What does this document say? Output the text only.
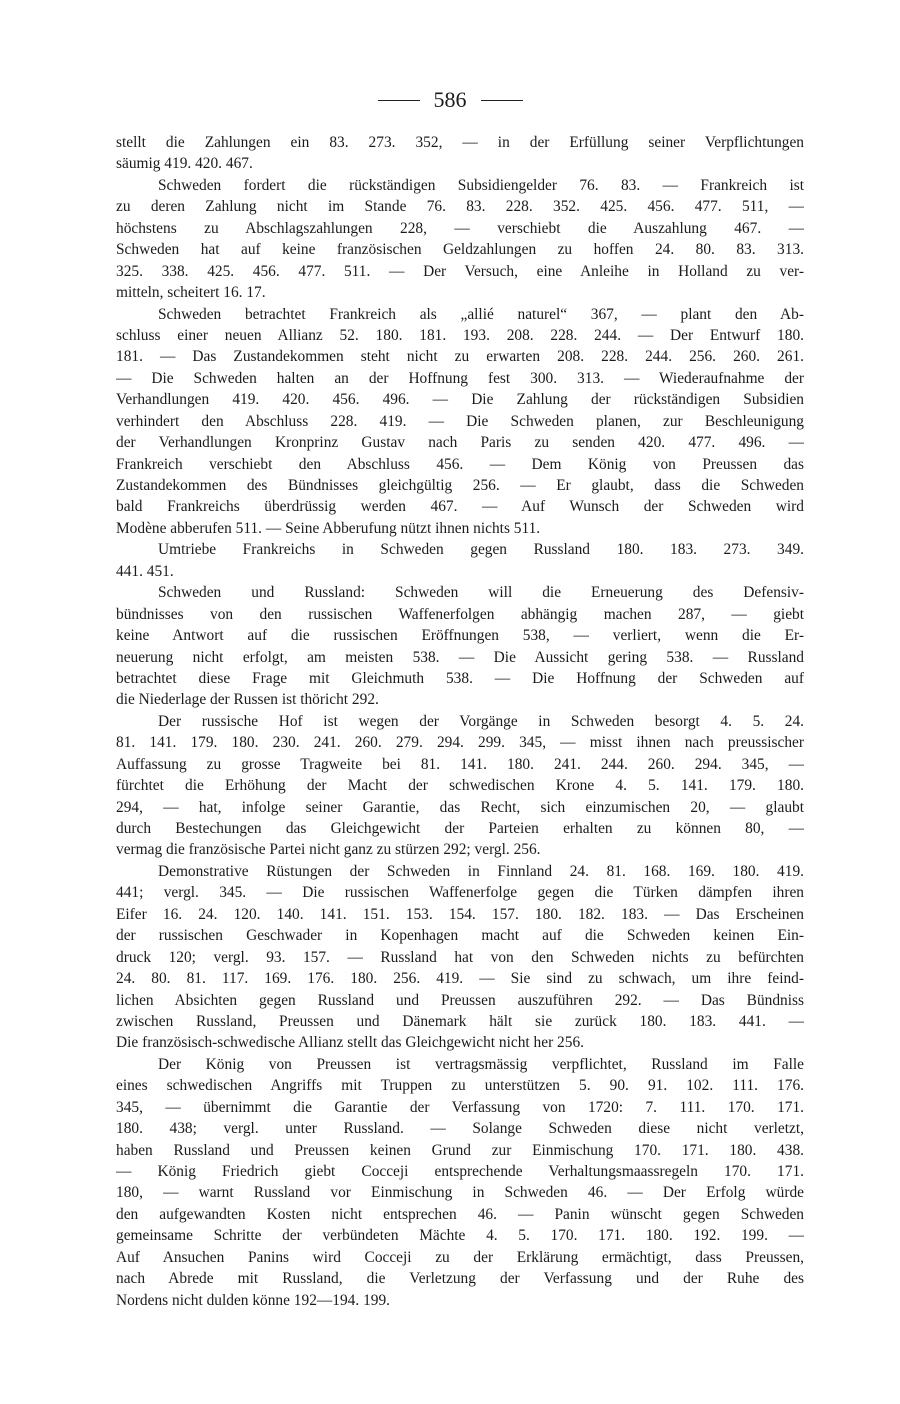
586
stellt die Zahlungen ein 83. 273. 352, — in der Erfüllung seiner Verpflichtungen
säumig 419. 420. 467.
Schweden fordert die rückständigen Subsidiengelder 76. 83. — Frankreich ist
zu deren Zahlung nicht im Stande 76. 83. 228. 352. 425. 456. 477. 511, —
höchstens zu Abschlagszahlungen 228, — verschiebt die Auszahlung 467. —
Schweden hat auf keine französischen Geldzahlungen zu hoffen 24. 80. 83. 313.
325. 338. 425. 456. 477. 511. — Der Versuch, eine Anleihe in Holland zu ver-
mitteln, scheitert 16. 17.
Schweden betrachtet Frankreich als „allié naturel“ 367, — plant den Ab-
schluss einer neuen Allianz 52. 180. 181. 193. 208. 228. 244. — Der Entwurf 180.
181. — Das Zustandekommen steht nicht zu erwarten 208. 228. 244. 256. 260. 261.
— Die Schweden halten an der Hoffnung fest 300. 313. — Wiederaufnahme der
Verhandlungen 419. 420. 456. 496. — Die Zahlung der rückständigen Subsidien
verhindert den Abschluss 228. 419. — Die Schweden planen, zur Beschleunigung
der Verhandlungen Kronprinz Gustav nach Paris zu senden 420. 477. 496. —
Frankreich verschiebt den Abschluss 456. — Dem König von Preussen das
Zustandekommen des Bündnisses gleichgültig 256. — Er glaubt, dass die Schweden
bald Frankreichs überdrüssig werden 467. — Auf Wunsch der Schweden wird
Modène abberufen 511. — Seine Abberufung nützt ihnen nichts 511.
Umtriebe Frankreichs in Schweden gegen Russland 180. 183. 273. 349.
441. 451.
Schweden und Russland: Schweden will die Erneuerung des Defensiv-
bündnisses von den russischen Waffenerfolgen abhängig machen 287, — giebt
keine Antwort auf die russischen Eröffnungen 538, — verliert, wenn die Er-
neuerung nicht erfolgt, am meisten 538. — Die Aussicht gering 538. — Russland
betrachtet diese Frage mit Gleichmuth 538. — Die Hoffnung der Schweden auf
die Niederlage der Russen ist thöricht 292.
Der russische Hof ist wegen der Vorgänge in Schweden besorgt 4. 5. 24.
81. 141. 179. 180. 230. 241. 260. 279. 294. 299. 345, — misst ihnen nach preussischer
Auffassung zu grosse Tragweite bei 81. 141. 180. 241. 244. 260. 294. 345, —
fürchtet die Erhöhung der Macht der schwedischen Krone 4. 5. 141. 179. 180.
294, — hat, infolge seiner Garantie, das Recht, sich einzumischen 20, — glaubt
durch Bestechungen das Gleichgewicht der Parteien erhalten zu können 80, —
vermag die französische Partei nicht ganz zu stürzen 292; vergl. 256.
Demonstrative Rüstungen der Schweden in Finnland 24. 81. 168. 169. 180. 419.
441; vergl. 345. — Die russischen Waffenerfolge gegen die Türken dämpfen ihren
Eifer 16. 24. 120. 140. 141. 151. 153. 154. 157. 180. 182. 183. — Das Erscheinen
der russischen Geschwader in Kopenhagen macht auf die Schweden keinen Ein-
druck 120; vergl. 93. 157. — Russland hat von den Schweden nichts zu befürchten
24. 80. 81. 117. 169. 176. 180. 256. 419. — Sie sind zu schwach, um ihre feind-
lichen Absichten gegen Russland und Preussen auszuführen 292. — Das Bündniss
zwischen Russland, Preussen und Dänemark hält sie zurück 180. 183. 441. —
Die französisch-schwedische Allianz stellt das Gleichgewicht nicht her 256.
Der König von Preussen ist vertragsmässig verpflichtet, Russland im Falle
eines schwedischen Angriffs mit Truppen zu unterstützen 5. 90. 91. 102. 111. 176.
345, — übernimmt die Garantie der Verfassung von 1720: 7. 111. 170. 171.
180. 438; vergl. unter Russland. — Solange Schweden diese nicht verletzt,
haben Russland und Preussen keinen Grund zur Einmischung 170. 171. 180. 438.
— König Friedrich giebt Cocceji entsprechende Verhaltungsmaassregeln 170. 171.
180, — warnt Russland vor Einmischung in Schweden 46. — Der Erfolg würde
den aufgewandten Kosten nicht entsprechen 46. — Panin wünscht gegen Schweden
gemeinsame Schritte der verbündeten Mächte 4. 5. 170. 171. 180. 192. 199. —
Auf Ansuchen Panins wird Cocceji zu der Erklärung ermächtigt, dass Preussen,
nach Abrede mit Russland, die Verletzung der Verfassung und der Ruhe des
Nordens nicht dulden könne 192—194. 199.
